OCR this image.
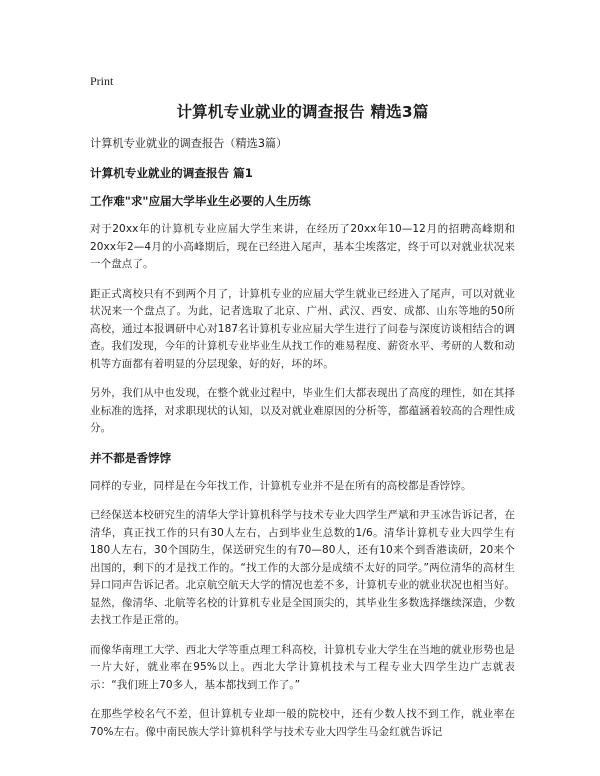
Print
计算机专业就业的调查报告 精选3篇
计算机专业就业的调查报告（精选3篇）
计算机专业就业的调查报告 篇1
工作难"求"应届大学毕业生必要的人生历练

对于20xx年的计算机专业应届大学生来讲，在经历了20xx年10—12月的招聘高峰期和20xx年2—4月的小高峰期后，现在已经进入尾声，基本尘埃落定，终于可以对就业状况来一个盘点了。

距正式离校只有不到两个月了，计算机专业的应届大学生就业已经进入了尾声，可以对就业状况来一个盘点了。为此，记者选取了北京、广州、武汉、西安、成都、山东等地的50所高校，通过本报调研中心对187名计算机专业应届大学生进行了问卷与深度访谈相结合的调查。我们发现，今年的计算机专业毕业生从找工作的难易程度、薪资水平、考研的人数和动机等方面都有着明显的分层现象，好的好，坏的坏。

另外，我们从中也发现，在整个就业过程中，毕业生们大都表现出了高度的理性，如在其择业标准的选择，对求职现状的认知，以及对就业难原因的分析等，都蕴涵着较高的合理性成分。

并不都是香饽饽

同样的专业，同样是在今年找工作，计算机专业并不是在所有的高校都是香饽饽。

已经保送本校研究生的清华大学计算机科学与技术专业大四学生严斌和尹玉冰告诉记者，在清华，真正找工作的只有30人左右，占到毕业生总数的1/6。清华计算机专业大四学生有180人左右，30个国防生，保送研究生的有70—80人，还有10来个到香港读研，20来个出国的，剩下的才是找工作的。“找工作的大部分是成绩不太好的同学。”两位清华的高材生异口同声告诉记者。北京航空航天大学的情况也差不多，计算机专业的就业状况也相当好。显然，像清华、北航等名校的计算机专业是全国顶尖的，其毕业生多数选择继续深造，少数去找工作是正常的。

而像华南理工大学、西北大学等重点理工科高校，计算机专业大学生在当地的就业形势也是一片大好，就业率在95%以上。西北大学计算机技术与工程专业大四学生边广志就表示：“我们班上70多人，基本都找到工作了。”

在那些学校名气不差，但计算机专业却一般的院校中，还有少数人找不到工作，就业率在70%左右。像中南民族大学计算机科学与技术专业大四学生马金红就告诉记
